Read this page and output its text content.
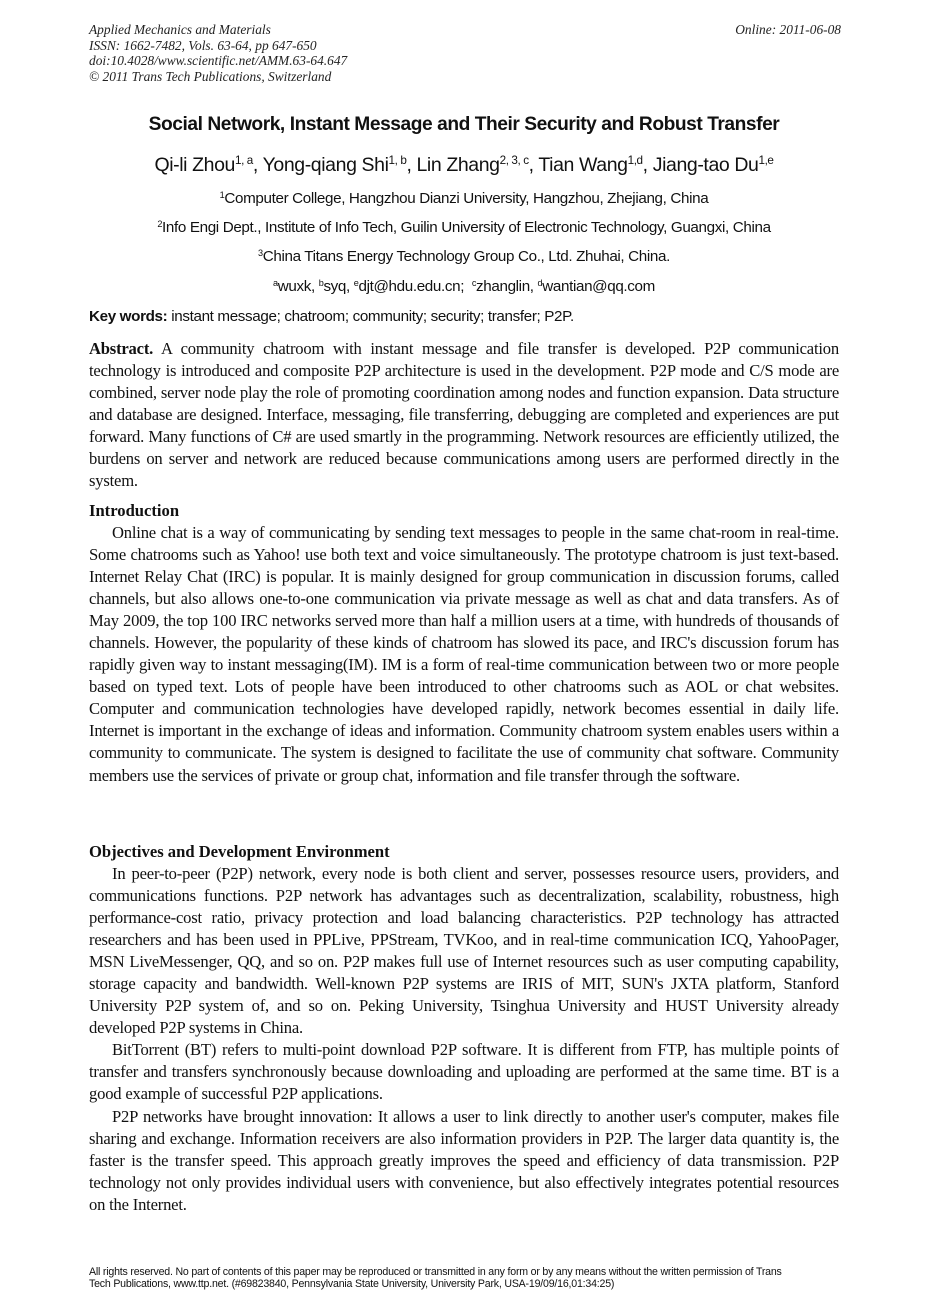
Applied Mechanics and Materials
ISSN: 1662-7482, Vols. 63-64, pp 647-650
doi:10.4028/www.scientific.net/AMM.63-64.647
© 2011 Trans Tech Publications, Switzerland
Online: 2011-06-08
Social Network, Instant Message and Their Security and Robust Transfer
Qi-li Zhou$^{1, a}$, Yong-qiang Shi$^{1, b}$, Lin Zhang$^{2, 3, c}$, Tian Wang$^{1,d}$, Jiang-tao Du$^{1,e}$
$^1$Computer College, Hangzhou Dianzi University, Hangzhou, Zhejiang, China
$^2$Info Engi Dept., Institute of Info Tech, Guilin University of Electronic Technology, Guangxi, China
$^3$China Titans Energy Technology Group Co., Ltd. Zhuhai, China.
$^a$wuxk, $^b$syq, $^e$djt@hdu.edu.cn;  $^c$zhanglin, $^d$wantian@qq.com
Key words: instant message; chatroom; community; security; transfer; P2P.

Abstract. A community chatroom with instant message and file transfer is developed. P2P communication technology is introduced and composite P2P architecture is used in the development. P2P mode and C/S mode are combined, server node play the role of promoting coordination among nodes and function expansion. Data structure and database are designed. Interface, messaging, file transferring, debugging are completed and experiences are put forward. Many functions of C# are used smartly in the programming. Network resources are efficiently utilized, the burdens on server and network are reduced because communications among users are performed directly in the system.

Introduction

Online chat is a way of communicating by sending text messages to people in the same chat-room in real-time. Some chatrooms such as Yahoo! use both text and voice simultaneously. The prototype chatroom is just text-based. Internet Relay Chat (IRC) is popular. It is mainly designed for group communication in discussion forums, called channels, but also allows one-to-one communication via private message as well as chat and data transfers. As of May 2009, the top 100 IRC networks served more than half a million users at a time, with hundreds of thousands of channels. However, the popularity of these kinds of chatroom has slowed its pace, and IRC's discussion forum has rapidly given way to instant messaging(IM). IM is a form of real-time communication between two or more people based on typed text. Lots of people have been introduced to other chatrooms such as AOL or chat websites. Computer and communication technologies have developed rapidly, network becomes essential in daily life. Internet is important in the exchange of ideas and information. Community chatroom system enables users within a community to communicate. The system is designed to facilitate the use of community chat software. Community members use the services of private or group chat, information and file transfer through the software.

Objectives and Development Environment

In peer-to-peer (P2P) network, every node is both client and server, possesses resource users, providers, and communications functions. P2P network has advantages such as decentralization, scalability, robustness, high performance-cost ratio, privacy protection and load balancing characteristics. P2P technology has attracted researchers and has been used in PPLive, PPStream, TVKoo, and in real-time communication ICQ, YahooPager, MSN LiveMessenger, QQ, and so on. P2P makes full use of Internet resources such as user computing capability, storage capacity and bandwidth. Well-known P2P systems are IRIS of MIT, SUN's JXTA platform, Stanford University P2P system of, and so on. Peking University, Tsinghua University and HUST University already developed P2P systems in China.

BitTorrent (BT) refers to multi-point download P2P software. It is different from FTP, has multiple points of transfer and transfers synchronously because downloading and uploading are performed at the same time. BT is a good example of successful P2P applications.

P2P networks have brought innovation: It allows a user to link directly to another user's computer, makes file sharing and exchange. Information receivers are also information providers in P2P. The larger data quantity is, the faster is the transfer speed. This approach greatly improves the speed and efficiency of data transmission. P2P technology not only provides individual users with convenience, but also effectively integrates potential resources on the Internet.

All rights reserved. No part of contents of this paper may be reproduced or transmitted in any form or by any means without the written permission of Trans
Tech Publications, www.ttp.net. (#69823840, Pennsylvania State University, University Park, USA-19/09/16,01:34:25)
